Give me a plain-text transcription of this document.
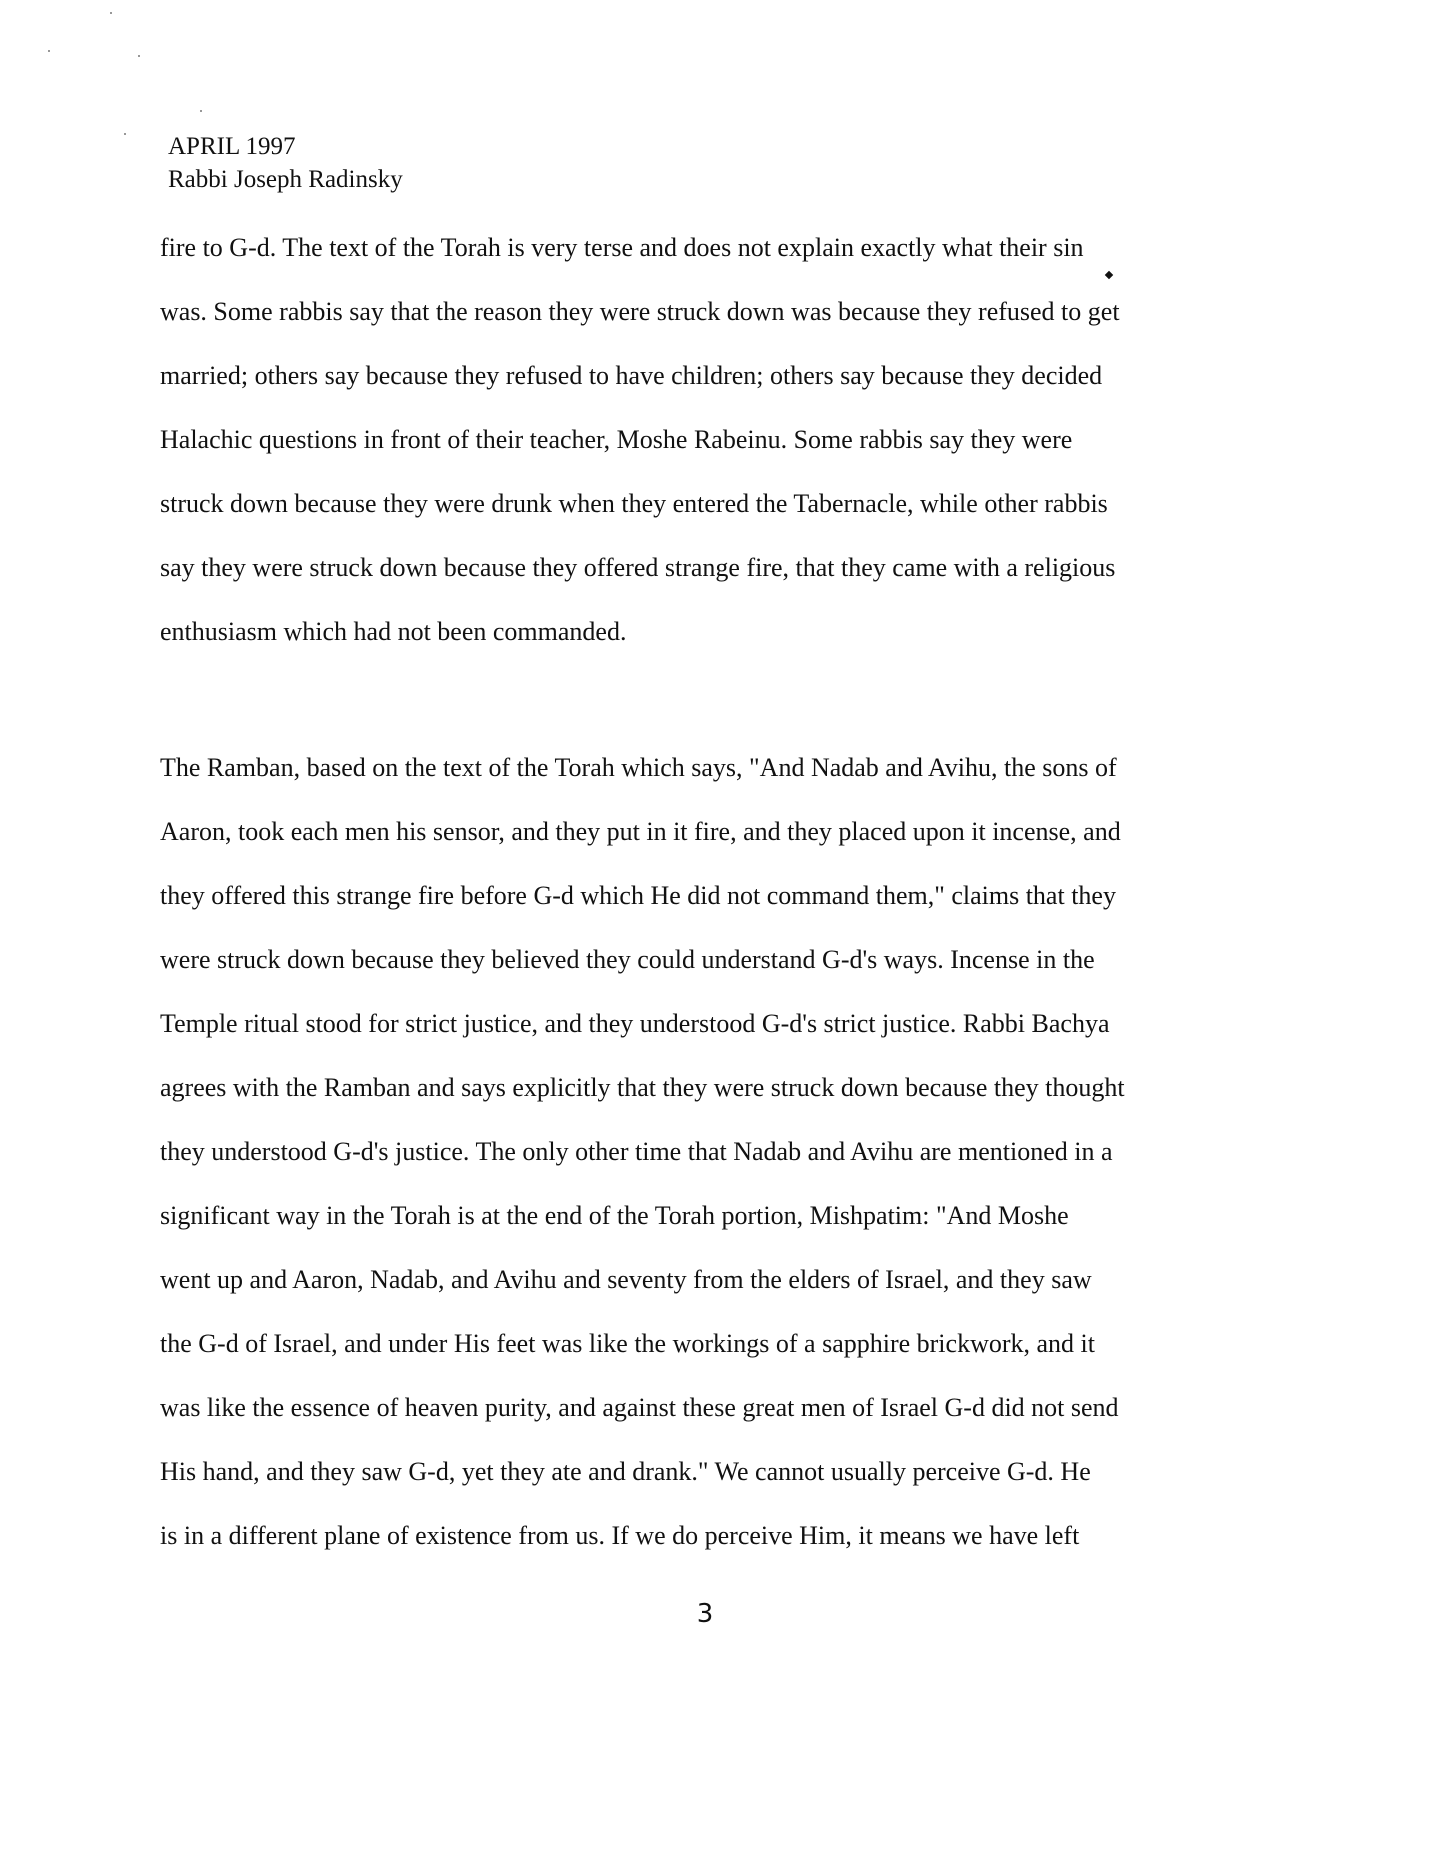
APRIL 1997
Rabbi Joseph Radinsky
fire to G-d. The text of the Torah is very terse and does not explain exactly what their sin
was. Some rabbis say that the reason they were struck down was because they refused to get
married; others say because they refused to have children; others say because they decided
Halachic questions in front of their teacher, Moshe Rabeinu. Some rabbis say they were
struck down because they were drunk when they entered the Tabernacle, while other rabbis
say they were struck down because they offered strange fire, that they came with a religious
enthusiasm which had not been commanded.
The Ramban, based on the text of the Torah which says, "And Nadab and Avihu, the sons of
Aaron, took each men his sensor, and they put in it fire, and they placed upon it incense, and
they offered this strange fire before G-d which He did not command them," claims that they
were struck down because they believed they could understand G-d's ways. Incense in the
Temple ritual stood for strict justice, and they understood G-d's strict justice. Rabbi Bachya
agrees with the Ramban and says explicitly that they were struck down because they thought
they understood G-d's justice. The only other time that Nadab and Avihu are mentioned in a
significant way in the Torah is at the end of the Torah portion, Mishpatim: "And Moshe
went up and Aaron, Nadab, and Avihu and seventy from the elders of Israel, and they saw
the G-d of Israel, and under His feet was like the workings of a sapphire brickwork, and it
was like the essence of heaven purity, and against these great men of Israel G-d did not send
His hand, and they saw G-d, yet they ate and drank." We cannot usually perceive G-d. He
is in a different plane of existence from us. If we do perceive Him, it means we have left
3
